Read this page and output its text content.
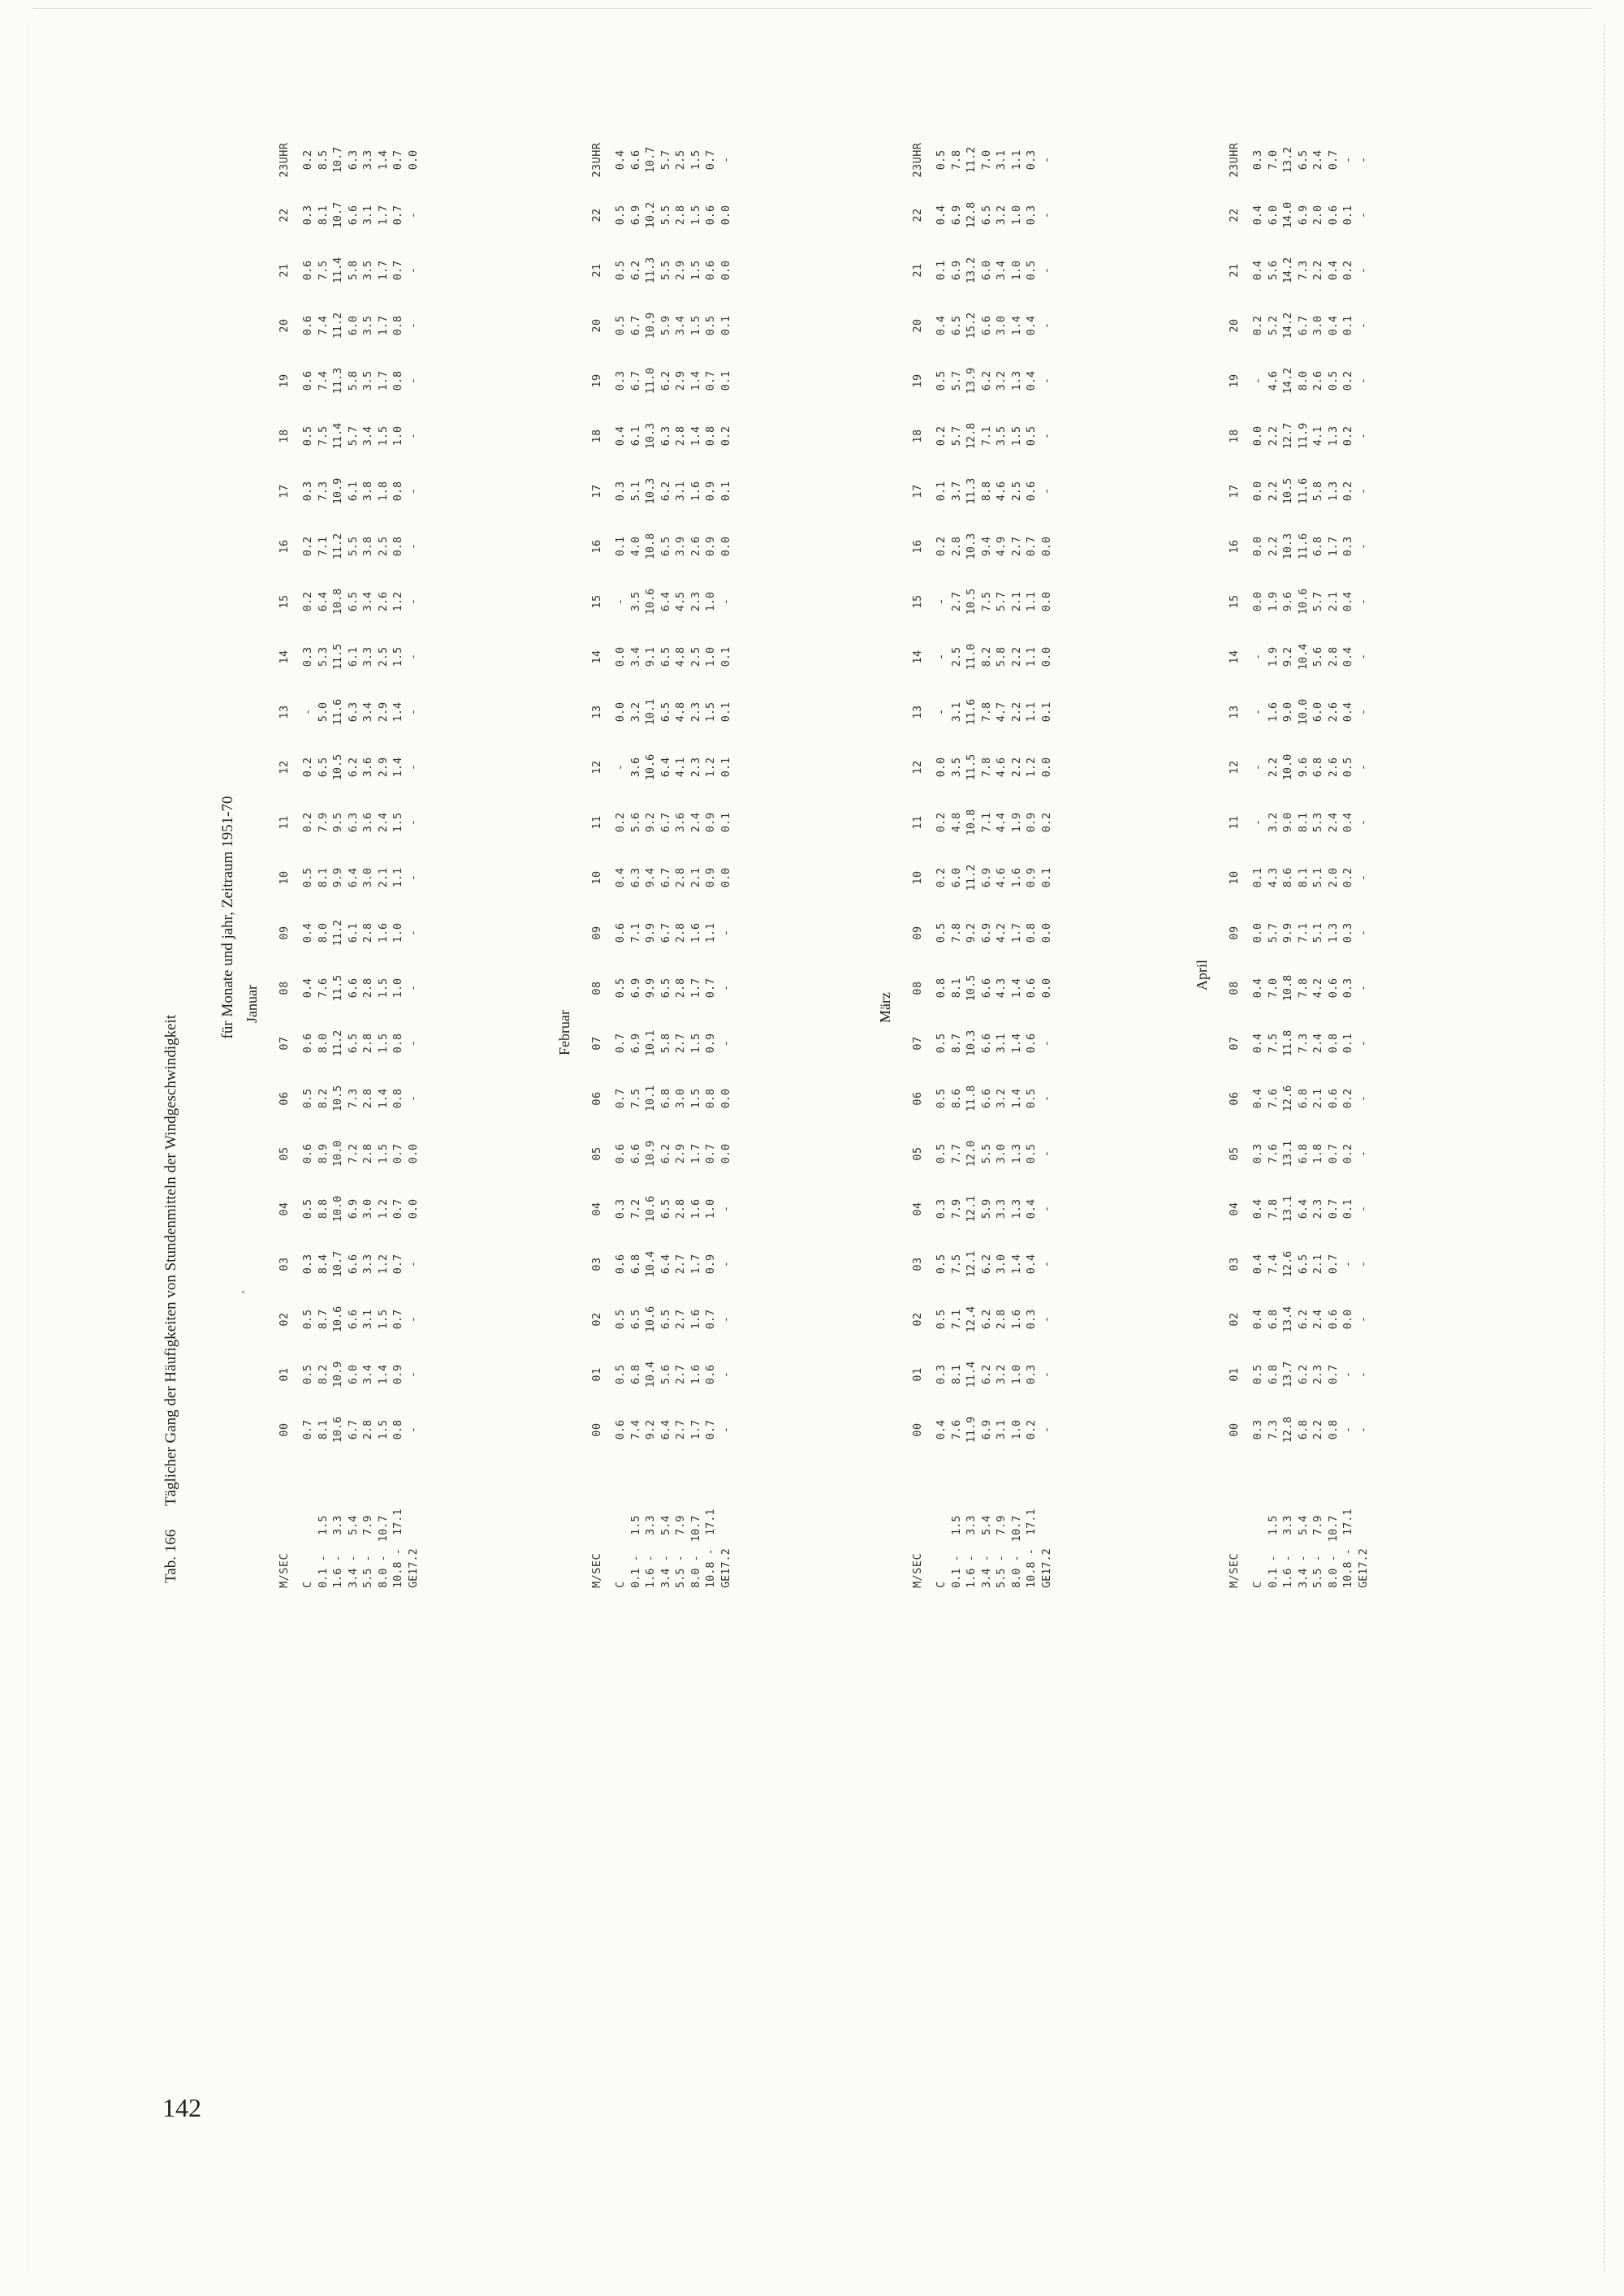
Tab. 166 Täglicher Gang der Häufigkeiten von Stundenmitteln der Windgeschwindigkeit
für Monate und jahr, Zeitraum 1951-70 Januar
M/SEC
00
01
02
03
04
05
06
07
08
09
10
11
12
13
14
15
16
17
18
19
20
21
22
23UHR
C
0.7
0.5
0.5
0.3
0.5
0.6
0.5
0.6
0.4
0.4
0.5
0.2
0.2
-
0.3
0.2
0.2
0.3
0.5
0.6
0.6
0.6
0.3
0.2
0.1 -   1.5
8.1
8.2
8.7
8.4
8.8
8.9
8.2
8.0
7.6
8.0
8.1
7.9
6.5
5.0
5.3
6.4
7.1
7.3
7.5
7.4
7.4
7.5
8.1
8.5
1.6 -   3.3
10.6
10.9
10.6
10.7
10.0
10.0
10.5
11.2
11.5
11.2
9.9
9.5
10.5
11.6
11.5
10.8
11.2
10.9
11.4
11.3
11.2
11.4
10.7
10.7
3.4 -   5.4
6.7
6.0
6.6
6.6
6.9
7.2
7.3
6.5
6.6
6.1
6.4
6.3
6.2
6.3
6.1
6.5
5.5
6.1
5.7
5.8
6.0
5.8
6.6
6.3
5.5 -   7.9
2.8
3.4
3.1
3.3
3.0
2.8
2.8
2.8
2.8
2.8
3.0
3.6
3.6
3.4
3.3
3.4
3.8
3.8
3.4
3.5
3.5
3.5
3.1
3.3
8.0 -  10.7
1.5
1.4
1.5
1.2
1.2
1.5
1.4
1.5
1.5
1.6
2.1
2.4
2.9
2.9
2.5
2.6
2.5
1.8
1.5
1.7
1.7
1.7
1.7
1.4
10.8 -  17.1
0.8
0.9
0.7
0.7
0.7
0.7
0.8
0.8
1.0
1.0
1.1
1.5
1.4
1.4
1.5
1.2
0.8
0.8
1.0
0.8
0.8
0.7
0.7
0.7
GE17.2
-
-
-
-
0.0
0.0
-
-
-
-
-
-
-
-
-
-
-
-
-
-
-
-
-
0.0
Februar
M/SEC
00
01
02
03
04
05
06
07
08
09
10
11
12
13
14
15
16
17
18
19
20
21
22
23UHR
C
0.6
0.5
0.5
0.6
0.3
0.6
0.7
0.7
0.5
0.6
0.4
0.2
-
0.0
0.0
-
0.1
0.3
0.4
0.3
0.5
0.5
0.5
0.4
0.1 -   1.5
7.4
6.8
6.5
6.8
7.2
6.6
7.5
6.9
6.9
7.1
6.3
5.6
3.6
3.2
3.4
3.5
4.0
5.1
6.1
6.7
6.7
6.2
6.9
6.6
1.6 -   3.3
9.2
10.4
10.6
10.4
10.6
10.9
10.1
10.1
9.9
9.9
9.4
9.2
10.6
10.1
9.1
10.6
10.8
10.3
10.3
11.0
10.9
11.3
10.2
10.7
3.4 -   5.4
6.4
5.6
6.5
6.4
6.5
6.2
6.8
5.8
6.5
6.7
6.7
6.7
6.4
6.5
6.5
6.4
6.5
6.2
6.3
6.2
5.9
5.5
5.5
5.7
5.5 -   7.9
2.7
2.7
2.7
2.7
2.8
2.9
3.0
2.7
2.8
2.8
2.8
3.6
4.1
4.8
4.8
4.5
3.9
3.1
2.8
2.9
3.4
2.9
2.8
2.5
8.0 -  10.7
1.7
1.6
1.6
1.7
1.6
1.7
1.5
1.5
1.7
1.6
2.1
2.4
2.3
2.3
2.5
2.3
2.6
1.6
1.4
1.4
1.5
1.5
1.5
1.5
10.8 -  17.1
0.7
0.6
0.7
0.9
1.0
0.7
0.8
0.9
0.7
1.1
0.9
0.9
1.2
1.5
1.0
1.0
0.9
0.9
0.8
0.7
0.5
0.6
0.6
0.7
GE17.2
-
-
-
-
-
0.0
0.0
-
-
-
0.0
0.1
0.1
0.1
0.1
-
0.0
0.1
0.2
0.1
0.1
0.0
0.0
-
März
M/SEC
00
01
02
03
04
05
06
07
08
09
10
11
12
13
14
15
16
17
18
19
20
21
22
23UHR
C
0.4
0.3
0.5
0.5
0.3
0.5
0.5
0.5
0.8
0.5
0.2
0.2
0.0
-
-
-
0.2
0.1
0.2
0.5
0.4
0.1
0.4
0.5
0.1 -   1.5
7.6
8.1
7.1
7.5
7.9
7.7
8.6
8.7
8.1
7.8
6.0
4.8
3.5
3.1
2.5
2.7
2.8
3.7
5.7
5.7
6.5
6.9
6.9
7.8
1.6 -   3.3
11.9
11.4
12.4
12.1
12.1
12.0
11.8
10.3
10.5
9.2
11.2
10.8
11.5
11.6
11.0
10.5
10.3
11.3
12.8
13.9
15.2
13.2
12.8
11.2
3.4 -   5.4
6.9
6.2
6.2
6.2
5.9
5.5
6.6
6.6
6.6
6.9
6.9
7.1
7.8
7.8
8.2
7.5
9.4
8.8
7.1
6.2
6.6
6.0
6.5
7.0
5.5 -   7.9
3.1
3.2
2.8
3.0
3.3
3.0
3.2
3.1
4.3
4.2
4.6
4.4
4.6
4.7
5.8
5.7
4.9
4.6
3.5
3.2
3.0
3.4
3.2
3.1
8.0 -  10.7
1.0
1.0
1.6
1.4
1.3
1.3
1.4
1.4
1.4
1.7
1.6
1.9
2.2
2.2
2.2
2.1
2.7
2.5
1.5
1.3
1.4
1.0
1.0
1.1
10.8 -  17.1
0.2
0.3
0.3
0.4
0.4
0.5
0.5
0.6
0.6
0.8
0.9
0.9
1.2
1.1
1.1
1.1
0.7
0.6
0.5
0.4
0.4
0.5
0.3
0.3
GE17.2
-
-
-
-
-
-
-
-
0.0
0.0
0.1
0.2
0.0
0.1
0.0
0.0
0.0
-
-
-
-
-
-
-
April
M/SEC
00
01
02
03
04
05
06
07
08
09
10
11
12
13
14
15
16
17
18
19
20
21
22
23UHR
C
0.3
0.5
0.4
0.4
0.4
0.3
0.4
0.4
0.4
0.0
0.1
-
-
-
-
0.0
0.0
0.0
0.0
-
0.2
0.4
0.4
0.3
0.1 -   1.5
7.3
6.8
6.8
7.4
7.8
7.6
7.6
7.5
7.0
5.7
4.3
3.2
2.2
1.6
1.9
1.9
2.2
2.2
2.2
4.6
5.2
5.6
6.0
7.0
1.6 -   3.3
12.8
13.7
13.4
12.6
13.1
13.1
12.6
11.8
10.8
9.9
8.6
9.0
10.0
9.0
9.2
9.6
10.3
10.5
12.7
14.2
14.2
14.2
14.0
13.2
3.4 -   5.4
6.8
6.2
6.2
6.5
6.4
6.8
6.8
7.3
7.8
7.1
8.1
8.1
9.6
10.0
10.4
10.6
11.6
11.6
11.9
8.0
6.7
7.3
6.9
6.5
5.5 -   7.9
2.2
2.3
2.4
2.1
2.3
1.8
2.1
2.4
4.2
5.1
5.1
5.3
6.8
6.0
5.6
5.7
6.8
5.8
4.1
2.6
3.0
2.2
2.0
2.4
8.0 -  10.7
0.8
0.7
0.6
0.7
0.7
0.7
0.6
0.8
0.6
1.3
2.0
2.4
2.6
2.6
2.8
2.1
1.7
1.3
1.3
0.5
0.4
0.4
0.6
0.7
10.8 -  17.1
-
-
0.0
-
0.1
0.2
0.2
0.1
0.3
0.3
0.2
0.4
0.5
0.4
0.4
0.4
0.3
0.2
0.2
0.2
0.1
0.2
0.1
-
GE17.2
-
-
-
-
-
-
-
-
-
-
-
-
-
-
-
-
-
-
-
-
-
-
-
-
142
